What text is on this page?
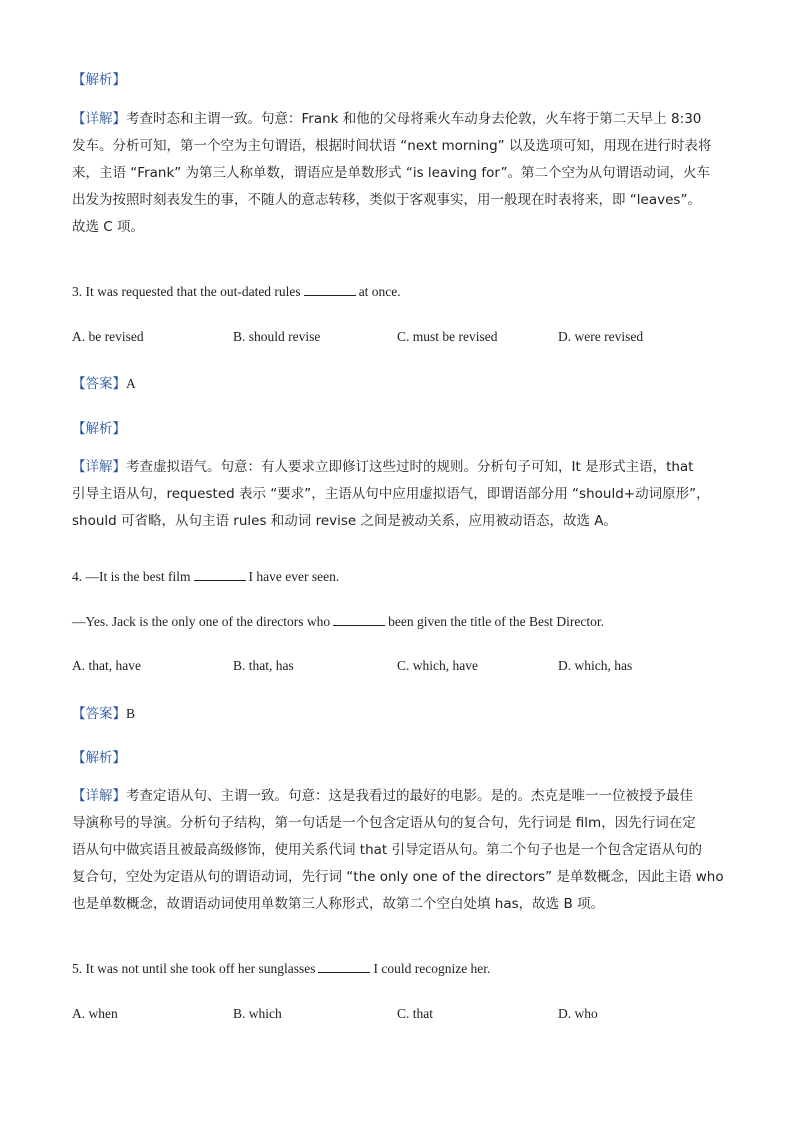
【解析】
【详解】考查时态和主谓一致。句意：Frank 和他的父母将乘火车动身去伦敦，火车将于第二天早上 8:30
发车。分析可知，第一个空为主句谓语，根据时间状语 “next morning” 以及选项可知，用现在进行时表将
来，主语 “Frank” 为第三人称单数，谓语应是单数形式 “is leaving for”。第二个空为从句谓语动词，火车
出发为按照时刻表发生的事，不随人的意志转移，类似于客观事实，用一般现在时表将来，即 “leaves”。
故选 C 项。
3. It was requested that the out-dated rules	at once.
A. be revised	B. should revise	C. must be revised	D. were revised
【答案】A
【解析】
【详解】考查虚拟语气。句意：有人要求立即修订这些过时的规则。分析句子可知，It 是形式主语，that
引导主语从句，requested 表示 “要求”，主语从句中应用虚拟语气，即谓语部分用 “should+动词原形”，
should 可省略，从句主语 rules 和动词 revise 之间是被动关系，应用被动语态，故选 A。
4. —It is the best film	I have ever seen.
—Yes. Jack is the only one of the directors who	been given the title of the Best Director.
A. that, have	B. that, has	C. which, have	D. which, has
【答案】B
【解析】
【详解】考查定语从句、主谓一致。句意：这是我看过的最好的电影。是的。杰克是唯一一位被授予最佳
导演称号的导演。分析句子结构，第一句话是一个包含定语从句的复合句，先行词是 film，因先行词在定
语从句中做宾语且被最高级修饰，使用关系代词 that 引导定语从句。第二个句子也是一个包含定语从句的
复合句，空处为定语从句的谓语动词，先行词 “the only one of the directors” 是单数概念，因此主语 who
也是单数概念，故谓语动词使用单数第三人称形式，故第二个空白处填 has，故选 B 项。
5. It was not until she took off her sunglasses	I could recognize her.
A. when	B. which	C. that	D. who
